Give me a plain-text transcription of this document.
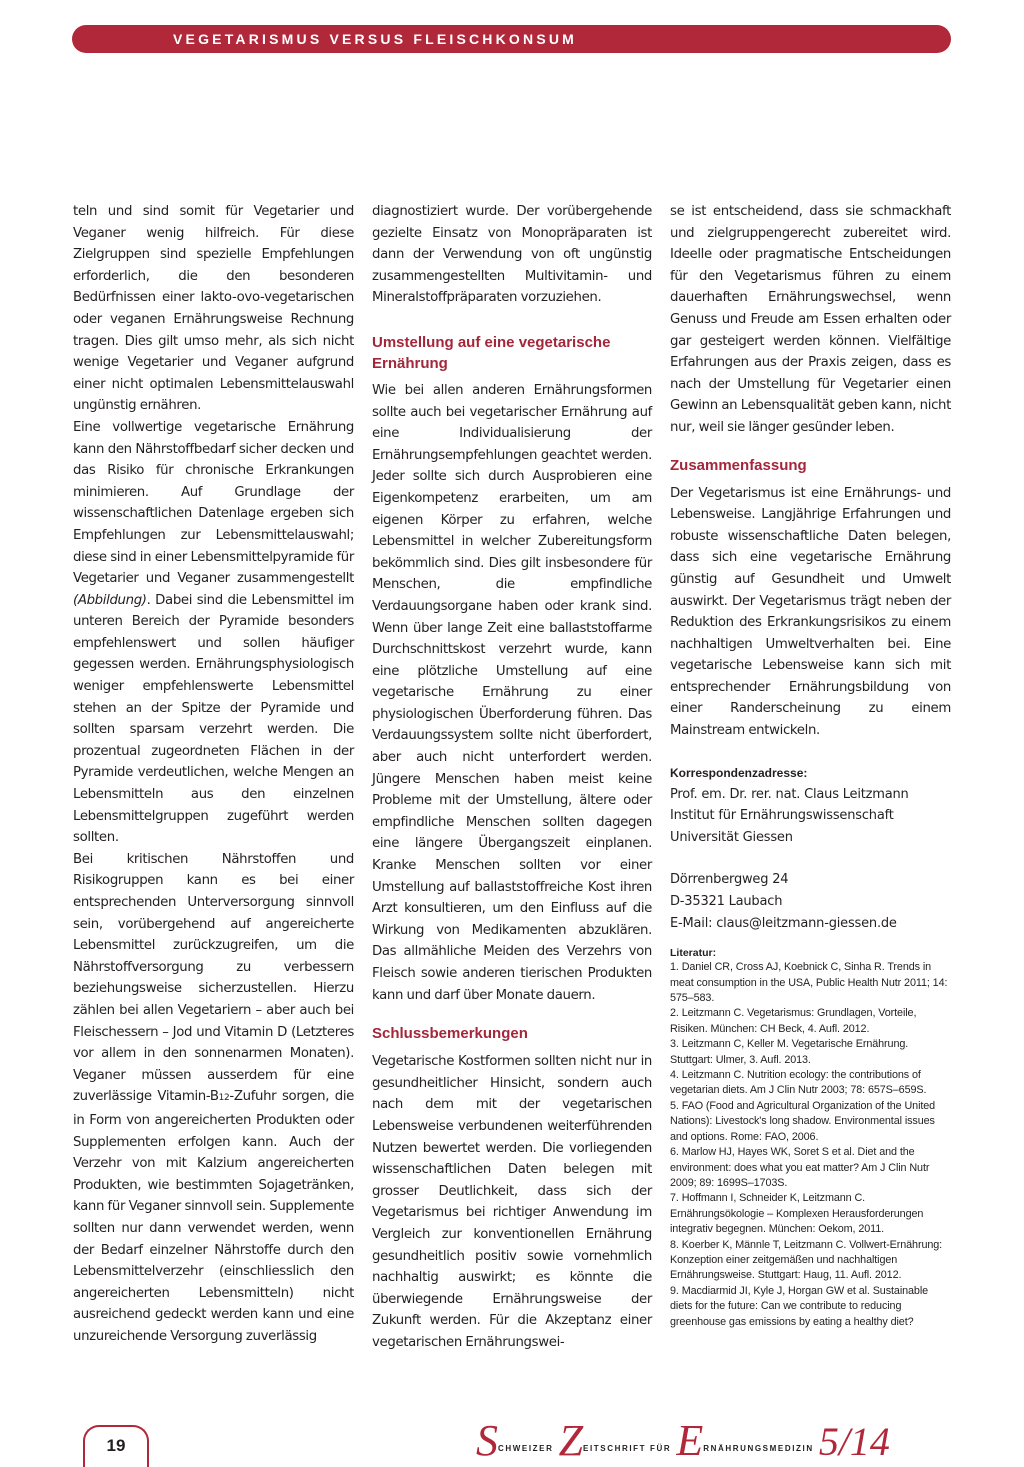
VEGETARISMUS VERSUS FLEISCHKONSUM

teln und sind somit für Vegetarier und Veganer wenig hilfreich. Für diese Zielgruppen sind spezielle Empfehlungen erforderlich, die den besonderen Bedürfnissen einer lakto-ovo-vegetarischen oder veganen Ernährungsweise Rechnung tragen. Dies gilt umso mehr, als sich nicht wenige Vegetarier und Veganer aufgrund einer nicht optimalen Lebensmittelauswahl ungünstig ernähren.

Eine vollwertige vegetarische Ernährung kann den Nährstoffbedarf sicher decken und das Risiko für chronische Erkrankungen minimieren. Auf Grundlage der wissenschaftlichen Datenlage ergeben sich Empfehlungen zur Lebensmittelauswahl; diese sind in einer Lebensmittelpyramide für Vegetarier und Veganer zusammengestellt (Abbildung). Dabei sind die Lebensmittel im unteren Bereich der Pyramide besonders empfehlenswert und sollen häufiger gegessen werden. Ernährungsphysiologisch weniger empfehlenswerte Lebensmittel stehen an der Spitze der Pyramide und sollten sparsam verzehrt werden. Die prozentual zugeordneten Flächen in der Pyramide verdeutlichen, welche Mengen an Lebensmitteln aus den einzelnen Lebensmittelgruppen zugeführt werden sollten.

Bei kritischen Nährstoffen und Risikogruppen kann es bei einer entsprechenden Unterversorgung sinnvoll sein, vorübergehend auf angereicherte Lebensmittel zurückzugreifen, um die Nährstoffversorgung zu verbessern beziehungsweise sicherzustellen. Hierzu zählen bei allen Vegetariern – aber auch bei Fleischessern – Jod und Vitamin D (Letzteres vor allem in den sonnenarmen Monaten). Veganer müssen ausserdem für eine zuverlässige Vitamin-B12-Zufuhr sorgen, die in Form von angereicherten Produkten oder Supplementen erfolgen kann. Auch der Verzehr von mit Kalzium angereicherten Produkten, wie bestimmten Sojagetränken, kann für Veganer sinnvoll sein. Supplemente sollten nur dann verwendet werden, wenn der Bedarf einzelner Nährstoffe durch den Lebensmittelverzehr (einschliesslich den angereicherten Lebensmitteln) nicht ausreichend gedeckt werden kann und eine unzureichende Versorgung zuverlässig

diagnostiziert wurde. Der vorübergehende gezielte Einsatz von Monopräparaten ist dann der Verwendung von oft ungünstig zusammengestellten Multivitamin- und Mineralstoffpräparaten vorzuziehen.

Umstellung auf eine vegetarische Ernährung

Wie bei allen anderen Ernährungsformen sollte auch bei vegetarischer Ernährung auf eine Individualisierung der Ernährungsempfehlungen geachtet werden. Jeder sollte sich durch Ausprobieren eine Eigenkompetenz erarbeiten, um am eigenen Körper zu erfahren, welche Lebensmittel in welcher Zubereitungsform bekömmlich sind. Dies gilt insbesondere für Menschen, die empfindliche Verdauungsorgane haben oder krank sind. Wenn über lange Zeit eine ballaststoffarme Durchschnittskost verzehrt wurde, kann eine plötzliche Umstellung auf eine vegetarische Ernährung zu einer physiologischen Überforderung führen. Das Verdauungssystem sollte nicht überfordert, aber auch nicht unterfordert werden. Jüngere Menschen haben meist keine Probleme mit der Umstellung, ältere oder empfindliche Menschen sollten dagegen eine längere Übergangszeit einplanen. Kranke Menschen sollten vor einer Umstellung auf ballaststoffreiche Kost ihren Arzt konsultieren, um den Einfluss auf die Wirkung von Medikamenten abzuklären. Das allmähliche Meiden des Verzehrs von Fleisch sowie anderen tierischen Produkten kann und darf über Monate dauern.

Schlussbemerkungen

Vegetarische Kostformen sollten nicht nur in gesundheitlicher Hinsicht, sondern auch nach dem mit der vegetarischen Lebensweise verbundenen weiterführenden Nutzen bewertet werden. Die vorliegenden wissenschaftlichen Daten belegen mit grosser Deutlichkeit, dass sich der Vegetarismus bei richtiger Anwendung im Vergleich zur konventionellen Ernährung gesundheitlich positiv sowie vornehmlich nachhaltig auswirkt; es könnte die überwiegende Ernährungsweise der Zukunft werden. Für die Akzeptanz einer vegetarischen Ernährungswei-

se ist entscheidend, dass sie schmackhaft und zielgruppengerecht zubereitet wird. Ideelle oder pragmatische Entscheidungen für den Vegetarismus führen zu einem dauerhaften Ernährungswechsel, wenn Genuss und Freude am Essen erhalten oder gar gesteigert werden können. Vielfältige Erfahrungen aus der Praxis zeigen, dass es nach der Umstellung für Vegetarier einen Gewinn an Lebensqualität geben kann, nicht nur, weil sie länger gesünder leben.

Zusammenfassung

Der Vegetarismus ist eine Ernährungs- und Lebensweise. Langjährige Erfahrungen und robuste wissenschaftliche Daten belegen, dass sich eine vegetarische Ernährung günstig auf Gesundheit und Umwelt auswirkt. Der Vegetarismus trägt neben der Reduktion des Erkrankungsrisikos zu einem nachhaltigen Umweltverhalten bei. Eine vegetarische Lebensweise kann sich mit entsprechender Ernährungsbildung von einer Randerscheinung zu einem Mainstream entwickeln.

Korrespondenzadresse:

Prof. em. Dr. rer. nat. Claus Leitzmann

Institut für Ernährungswissenschaft

Universität Giessen

Dörrenbergweg 24

D-35321 Laubach

E-Mail: claus@leitzmann-giessen.de

Literatur:

1. Daniel CR, Cross AJ, Koebnick C, Sinha R. Trends in meat consumption in the USA, Public Health Nutr 2011; 14: 575–583.

2. Leitzmann C. Vegetarismus: Grundlagen, Vorteile, Risiken. München: CH Beck, 4. Aufl. 2012.

3. Leitzmann C, Keller M. Vegetarische Ernährung. Stuttgart: Ulmer, 3. Aufl. 2013.

4. Leitzmann C. Nutrition ecology: the contributions of vegetarian diets. Am J Clin Nutr 2003; 78: 657S–659S.

5. FAO (Food and Agricultural Organization of the United Nations): Livestock's long shadow. Environmental issues and options. Rome: FAO, 2006.

6. Marlow HJ, Hayes WK, Soret S et al. Diet and the environment: does what you eat matter? Am J Clin Nutr 2009; 89: 1699S–1703S.

7. Hoffmann I, Schneider K, Leitzmann C. Ernährungsökologie – Komplexen Herausforderungen integrativ begegnen. München: Oekom, 2011.

8. Koerber K, Männle T, Leitzmann C. Vollwert-Ernährung: Konzeption einer zeitgemäßen und nachhaltigen Ernährungsweise. Stuttgart: Haug, 11. Aufl. 2012.

9. Macdiarmid JI, Kyle J, Horgan GW et al. Sustainable diets for the future: Can we contribute to reducing greenhouse gas emissions by eating a healthy diet?

19	$S^{CHWEIZER}$ $Z^{EITSCHRIFT FÜR}$ $E^{RNÄHRUNGSMEDIZIN}$ 5/14
